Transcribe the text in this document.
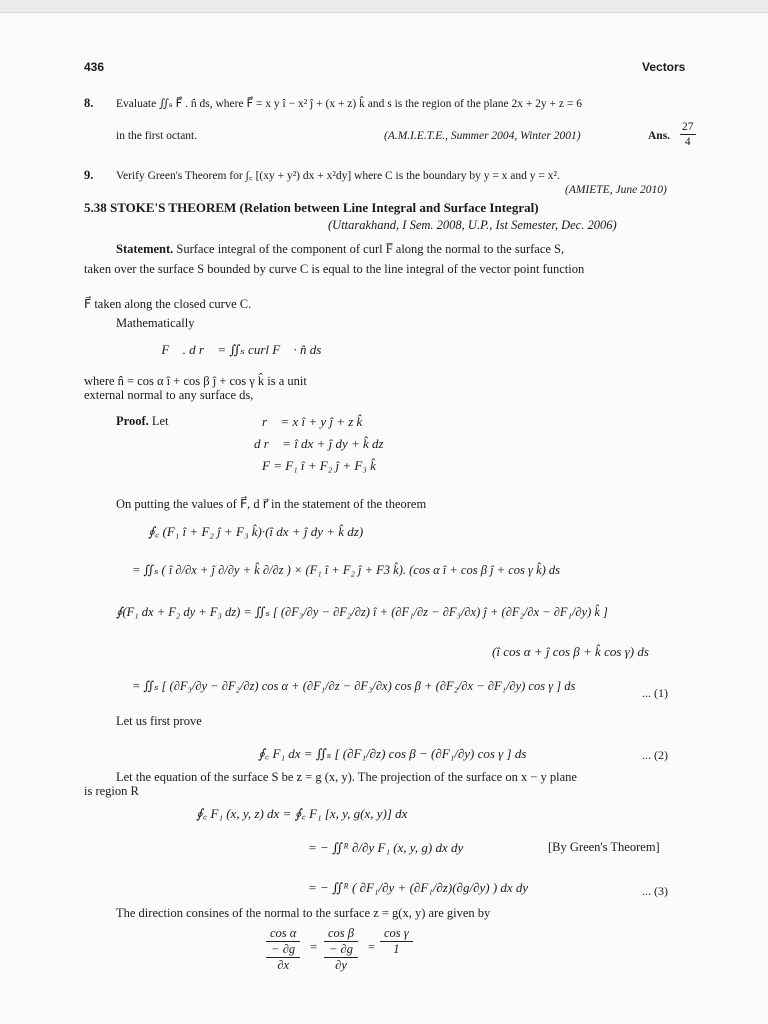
436	Vectors
8. Evaluate ∬ₛ F⃗ . n̂ ds, where F⃗ = x y î − x² ĵ + (x + z) k̂ and s is the region of the plane 2x + 2y + z = 6
in the first octant.	(A.M.I.E.T.E., Summer 2004, Winter 2001)	Ans. $\frac{27}{4}$
9. Verify Green's Theorem for ∫꜀ [(xy + y²) dx + x²dy] where C is the boundary by y = x and y = x².
(AMIETE, June 2010)
5.38 STOKE'S THEOREM (Relation between Line Integral and Surface Integral)
(Uttarakhand, I Sem. 2008, U.P., Ist Semester, Dec. 2006)
Statement. Surface integral of the component of curl F̅ along the normal to the surface S,
taken over the surface S bounded by curve C is equal to the line integral of the vector point function
F⃗ taken along the closed curve C.
Mathematically
∮ F⃗ . d r⃗ = ∬ₛ curl F⃗ · n̂ ds
where n̂ = cos α î + cos β ĵ + cos γ k̂ is a unit
external normal to any surface ds,
Proof. Let	r⃗ = x î + y ĵ + z k̂
d r⃗ = î dx + ĵ dy + k̂ dz
F = F₁ î + F₂ ĵ + F₃ k̂
On putting the values of F⃗, d r⃗ in the statement of the theorem
∮꜀ (F₁ î + F₂ ĵ + F₃ k̂)·(î dx + ĵ dy + k̂ dz)
= ∬ₛ ( î ∂/∂x + ĵ ∂/∂y + k̂ ∂/∂z ) × (F₁ î + F₂ ĵ + F3 k̂). (cos α î + cos β ĵ + cos γ k̂) ds
∮(F₁ dx + F₂ dy + F₃ dz) = ∬ₛ [ (∂F₃/∂y − ∂F₂/∂z) î + (∂F₁/∂z − ∂F₃/∂x) ĵ + (∂F₂/∂x − ∂F₁/∂y) k̂ ]
(î cos α + ĵ cos β + k̂ cos γ) ds
= ∬ₛ [ (∂F₃/∂y − ∂F₂/∂z) cos α + (∂F₁/∂z − ∂F₃/∂x) cos β + (∂F₂/∂x − ∂F₁/∂y) cos γ ] ds	... (1)
Let us first prove
∮꜀ F₁ dx = ∬ₛ [ (∂F₁/∂z) cos β − (∂F₁/∂y) cos γ ] ds	... (2)
Let the equation of the surface S be z = g (x, y). The projection of the surface on x − y plane
is region R
∮꜀ F₁ (x, y, z) dx = ∮꜀ F₁ [x, y, g(x, y)] dx
= − ∬ᴿ ∂/∂y F₁ (x, y, g) dx dy	[By Green's Theorem]
= − ∬ᴿ ( ∂F₁/∂y + (∂F₁/∂z)(∂g/∂y) ) dx dy	... (3)
The direction consines of the normal to the surface z = g(x, y) are given by
cos α
− ∂g
∂x
=
cos β
− ∂g
∂y
= $\frac{\text{cos γ}}{1}$
